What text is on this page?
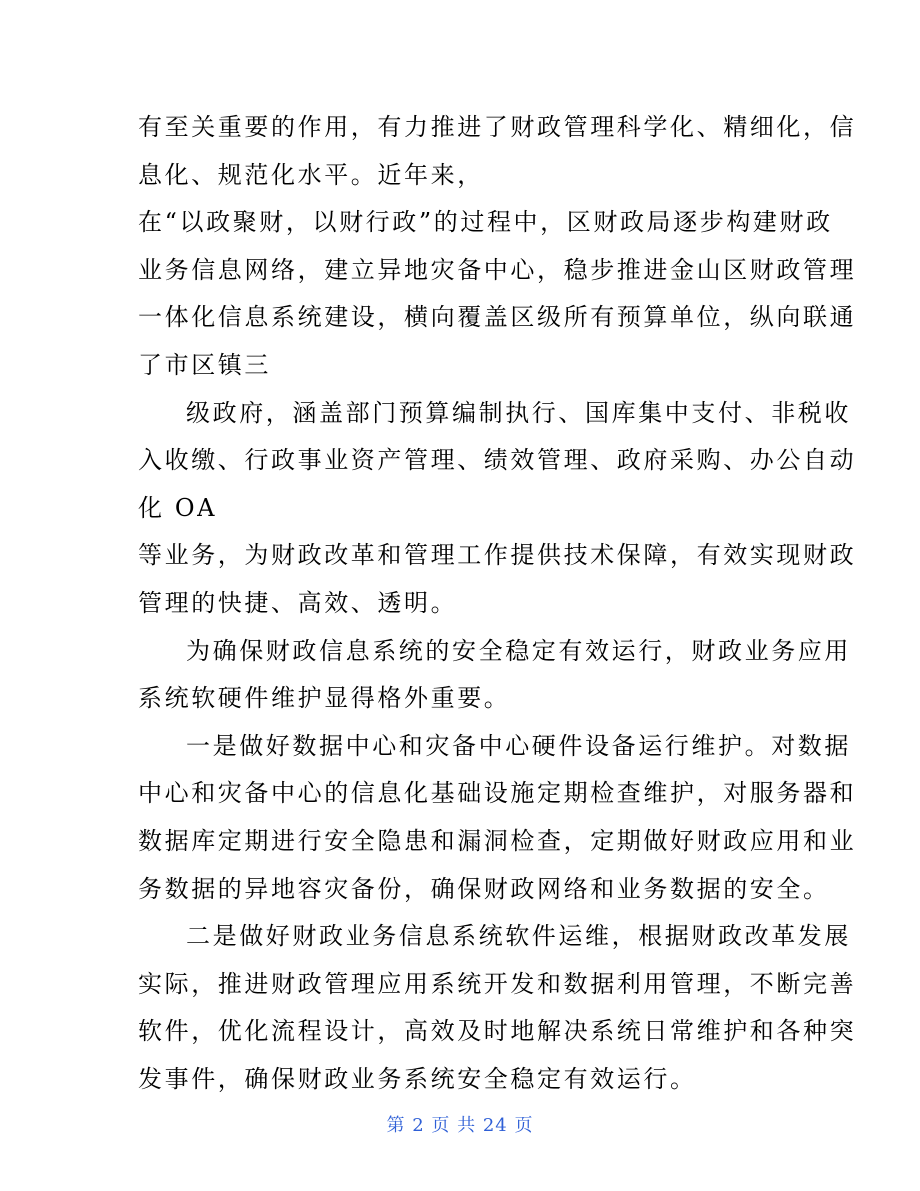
有至关重要的作用，有力推进了财政管理科学化、精细化，信

息化、规范化水平。近年来，

在“以政聚财，以财行政”的过程中，区财政局逐步构建财政

业务信息网络，建立异地灾备中心，稳步推进金山区财政管理

一体化信息系统建设，横向覆盖区级所有预算单位，纵向联通

了市区镇三

级政府，涵盖部门预算编制执行、国库集中支付、非税收

入收缴、行政事业资产管理、绩效管理、政府采购、办公自动

化 OA

等业务，为财政改革和管理工作提供技术保障，有效实现财政

管理的快捷、高效、透明。

为确保财政信息系统的安全稳定有效运行，财政业务应用

系统软硬件维护显得格外重要。

一是做好数据中心和灾备中心硬件设备运行维护。对数据

中心和灾备中心的信息化基础设施定期检查维护，对服务器和

数据库定期进行安全隐患和漏洞检查，定期做好财政应用和业

务数据的异地容灾备份，确保财政网络和业务数据的安全。

二是做好财政业务信息系统软件运维，根据财政改革发展

实际，推进财政管理应用系统开发和数据利用管理，不断完善

软件，优化流程设计，高效及时地解决系统日常维护和各种突

发事件，确保财政业务系统安全稳定有效运行。

第 2 页 共 24 页
